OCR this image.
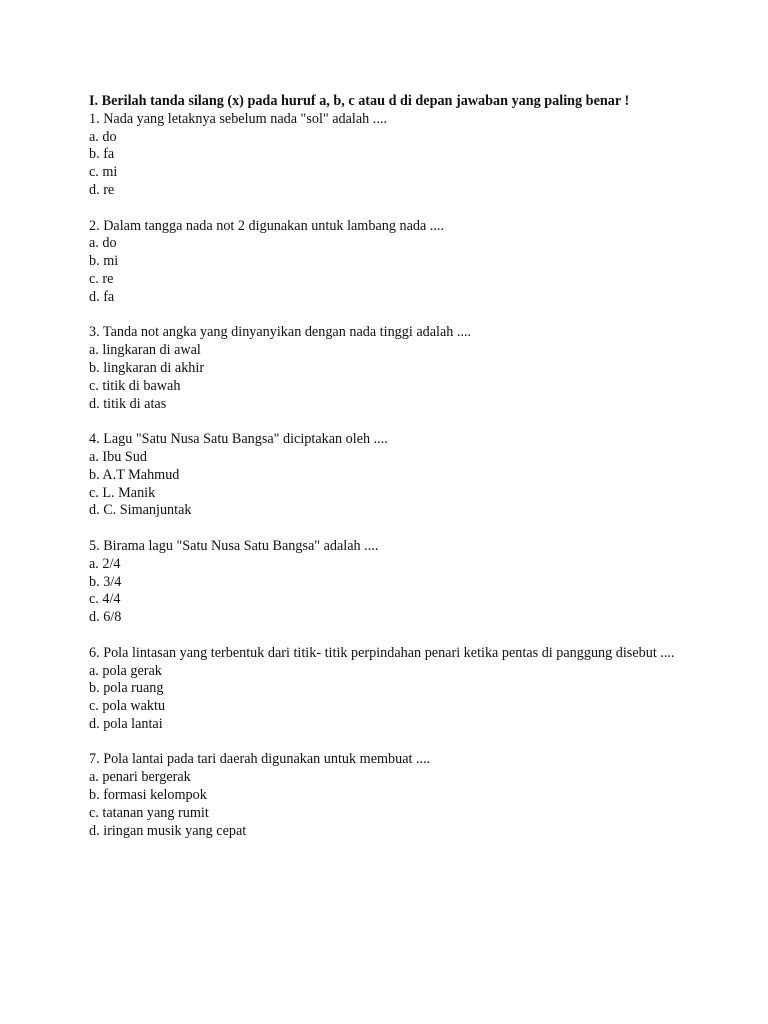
I. Berilah tanda silang (x) pada huruf a, b, c atau d di depan jawaban yang paling benar !
1. Nada yang letaknya sebelum nada "sol" adalah ....
a. do
b. fa
c. mi
d. re
2. Dalam tangga nada not 2 digunakan untuk lambang nada ....
a. do
b. mi
c. re
d. fa
3. Tanda not angka yang dinyanyikan dengan nada tinggi adalah ....
a. lingkaran di awal
b. lingkaran di akhir
c. titik di bawah
d. titik di atas
4. Lagu "Satu Nusa Satu Bangsa" diciptakan oleh ....
a. Ibu Sud
b. A.T Mahmud
c. L. Manik
d. C. Simanjuntak
5. Birama lagu "Satu Nusa Satu Bangsa" adalah ....
a. 2/4
b. 3/4
c. 4/4
d. 6/8
6. Pola lintasan yang terbentuk dari titik- titik perpindahan penari ketika pentas di panggung disebut ....
a. pola gerak
b. pola ruang
c. pola waktu
d. pola lantai
7. Pola lantai pada tari daerah digunakan untuk membuat ....
a. penari bergerak
b. formasi kelompok
c. tatanan yang rumit
d. iringan musik yang cepat
